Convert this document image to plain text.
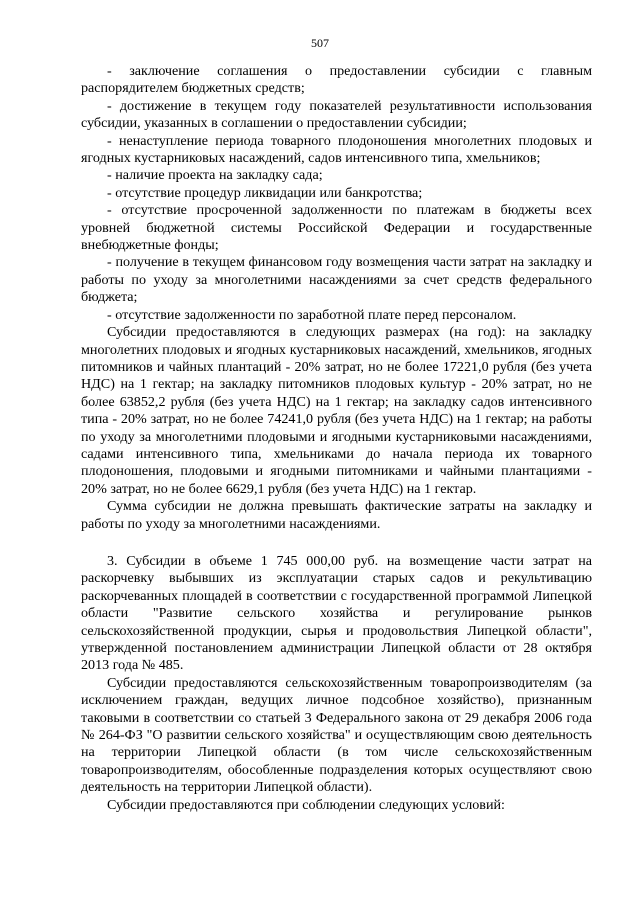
507

- заключение соглашения о предоставлении субсидии с главным распорядителем бюджетных средств;

- достижение в текущем году показателей результативности использования субсидии, указанных в соглашении о предоставлении субсидии;

- ненаступление периода товарного плодоношения многолетних плодовых и ягодных кустарниковых насаждений, садов интенсивного типа, хмельников;

- наличие проекта на закладку сада;

- отсутствие процедур ликвидации или банкротства;

- отсутствие просроченной задолженности по платежам в бюджеты всех уровней бюджетной системы Российской Федерации и государственные внебюджетные фонды;

- получение в текущем финансовом году возмещения части затрат на закладку и работы по уходу за многолетними насаждениями за счет средств федерального бюджета;

- отсутствие задолженности по заработной плате перед персоналом.

Субсидии предоставляются в следующих размерах (на год): на закладку многолетних плодовых и ягодных кустарниковых насаждений, хмельников, ягодных питомников и чайных плантаций - 20% затрат, но не более 17221,0 рубля (без учета НДС) на 1 гектар; на закладку питомников плодовых культур - 20% затрат, но не более 63852,2 рубля (без учета НДС) на 1 гектар; на закладку садов интенсивного типа - 20% затрат, но не более 74241,0 рубля (без учета НДС) на 1 гектар; на работы по уходу за многолетними плодовыми и ягодными кустарниковыми насаждениями, садами интенсивного типа, хмельниками до начала периода их товарного плодоношения, плодовыми и ягодными питомниками и чайными плантациями - 20% затрат, но не более 6629,1 рубля (без учета НДС) на 1 гектар.

Сумма субсидии не должна превышать фактические затраты на закладку и работы по уходу за многолетними насаждениями.

3. Субсидии в объеме 1 745 000,00 руб. на возмещение части затрат на раскорчевку выбывших из эксплуатации старых садов и рекультивацию раскорчеванных площадей в соответствии с государственной программой Липецкой области "Развитие сельского хозяйства и регулирование рынков сельскохозяйственной продукции, сырья и продовольствия Липецкой области", утвержденной постановлением администрации Липецкой области от 28 октября 2013 года № 485.

Субсидии предоставляются сельскохозяйственным товаропроизводителям (за исключением граждан, ведущих личное подсобное хозяйство), признанным таковыми в соответствии со статьей 3 Федерального закона от 29 декабря 2006 года № 264-ФЗ "О развитии сельского хозяйства" и осуществляющим свою деятельность на территории Липецкой области (в том числе сельскохозяйственным товаропроизводителям, обособленные подразделения которых осуществляют свою деятельность на территории Липецкой области).

Субсидии предоставляются при соблюдении следующих условий:
